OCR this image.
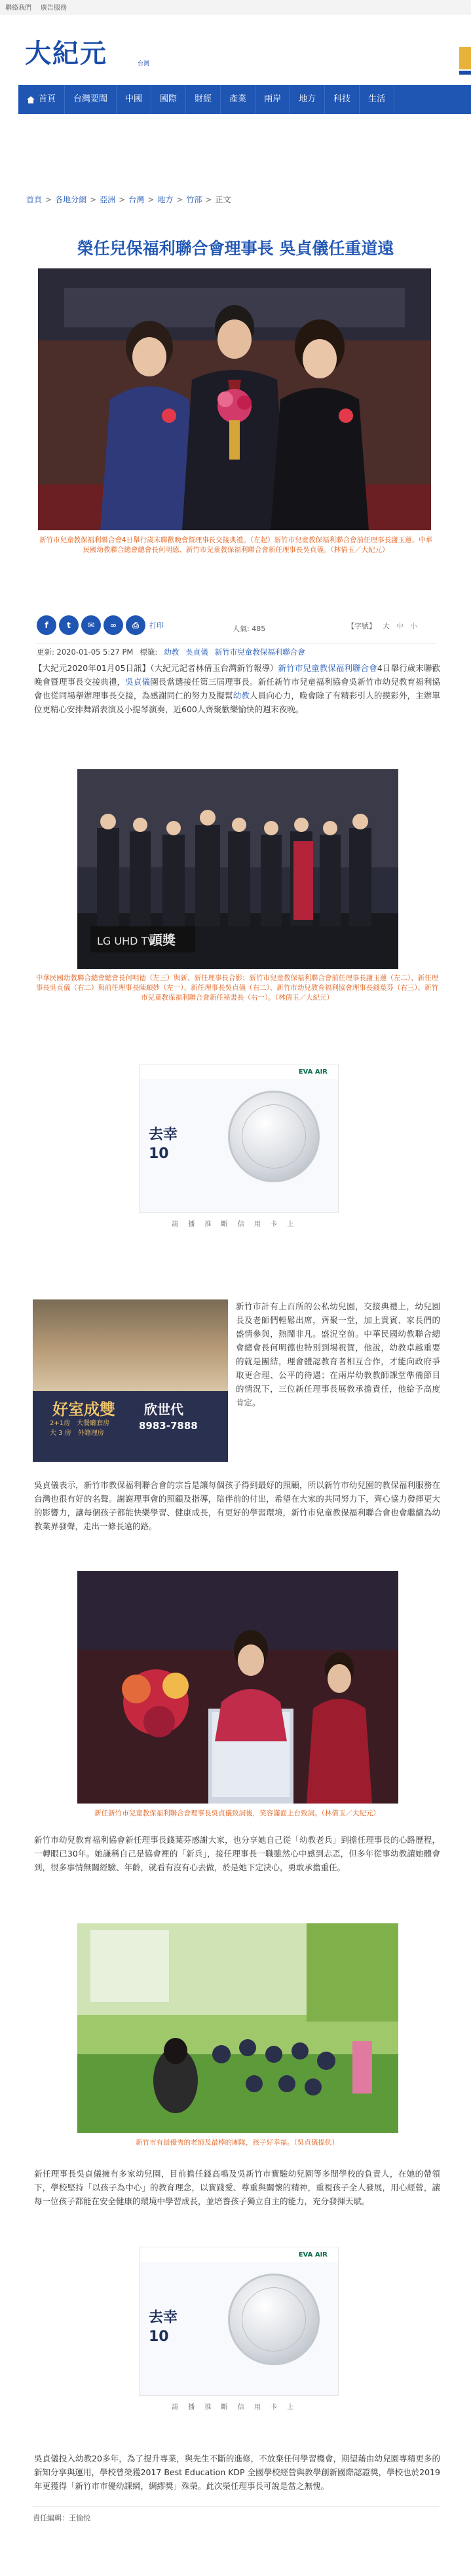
聯絡我們 廣告服務
大紀元	台灣
首頁	台灣要聞	中國	國際	財經	產業	兩岸	地方	科技	生活
首頁 > 各地分網 > 亞洲 > 台灣 > 地方 > 竹部 > 正文
榮任兒保福利聯合會理事長 吳貞儀任重道遠
新竹市兒童教保福利聯合會4日舉行歲末聯歡晚會暨理事長交接典禮。（左起）新竹市兒童教保福利聯合會前任理事長謝玉蓮、中華民國幼教聯合總會總會長何明德、新竹市兒童教保福利聯合會新任理事長吳貞儀。（林倩玉／大紀元）
f t ✉ ∞ ⎙ 打印	人氣: 485	【字號】 大 中 小
更新: 2020-01-05 5:27 PM 標籤: 幼教 吳貞儀 新竹市兒童教保福利聯合會
【大紀元2020年01月05日訊】（大紀元記者林倩玉台灣新竹報導）新竹市兒童教保福利聯合會4日舉行歲末聯歡晚會暨理事長交接典禮，吳貞儀園長當選接任第三屆理事長。新任新竹市兒童福利協會吳新竹市幼兒教育福利協會也從同場舉辦理事長交接，為感謝同仁的努力及擬幫幼教人員向心力，晚會除了有精彩引人的摸彩外，主辦單位更精心安排舞蹈表演及小提琴演奏，近600人齊聚歡樂愉快的週末夜晚。
LG UHD TV
頭獎
中華民國幼教聯合總會總會長何明德（左三）與新、新任理事長合影；新竹市兒童教保福利聯合會前任理事長謝玉蓮（左二）、新任理事長吳貞儀（右二）與前任理事長陳順妙（左一）、新任理事長吳貞儀（右二）、新竹市幼兒教育福利協會理事長錢葉芬（右三）、新竹市兒童教保福利聯合會新任秘書長（右一）。（林倩玉／大紀元）
EVA AIR
去幸
10
請 播 推 斷 信 用 卡 上
好室成雙 欣世代
2+1房　大餐廳套房
大 3 房　外籍理房
8983-7888
新竹市計有上百所的公私幼兒園，交接典禮上，幼兒園長及老師們輕鬆出席，齊聚一堂，加上貴賓、家長們的盛情參與，熱鬧非凡。盛況空前。中華民國幼教聯合總會總會長何明德也特別到場祝賀，他說，幼教卓越重要的就是團結，理會體認教育者相互合作，才能向政府爭取更合理、公平的待遇；在兩岸幼教教師課堂準備節目的情況下，三位新任理事長展教承擔責任，他給予高度肯定。
吳貞儀表示，新竹市教保福利聯合會的宗旨是讓每個孩子得到最好的照顧，所以新竹市幼兒園的教保福利服務在台灣也很有好的名聲。謝謝理事會的照顧及指導，陪伴前的付出，希望在大家的共同努力下，齊心協力發揮更大的影響力，讓每個孩子都能快樂學習、健康成長，有更好的學習環境，新竹市兒童教保福利聯合會也會繼續為幼教業界發聲，走出一條長遠的路。
新任新竹市兒童教保福利聯合會理事長吳貞儀致詞後，笑容滿面上台致詞。（林倩玉／大紀元）
新竹市幼兒教育福利協會新任理事長錢葉芬感謝大家，也分享她自己從「幼教老兵」到擔任理事長的心路歷程，一轉眼已30年。她謙稱自己是協會裡的「新兵」，接任理事長一職雖然心中感到忐忑，但多年從事幼教讓她體會到，很多事情無關經驗、年齡，就看有沒有心去做，於是她下定決心，勇敢承擔重任。
新竹市有最優秀的老師及最棒的團隊，孩子好幸福。（吳貞儀提供）
新任理事長吳貞儀擁有多家幼兒園，目前擔任錢高鳴及吳新竹市實驗幼兒園等多間學校的負責人，在她的帶領下，學校堅持「以孩子為中心」的教育理念，以實踐愛、尊重與關懷的精神，重視孩子全人發展，用心經營，讓每一位孩子都能在安全健康的環境中學習成長，並培養孩子獨立自主的能力，充分發揮天賦。
EVA AIR
去幸
10
請 播 推 斷 信 用 卡 上
吳貞儀投入幼教20多年，為了提升專業，與先生不斷的進修，不放棄任何學習機會，期望藉由幼兒園專精更多的新知分享與運用，學校曾榮獲2017 Best Education KDP 全國學校經營與教學創新國際認證獎，學校也於2019年更獲得「新竹市市優幼課綱，綢繆獎」殊榮。此次榮任理事長可說是當之無愧。
責任編輯：王愉悦
